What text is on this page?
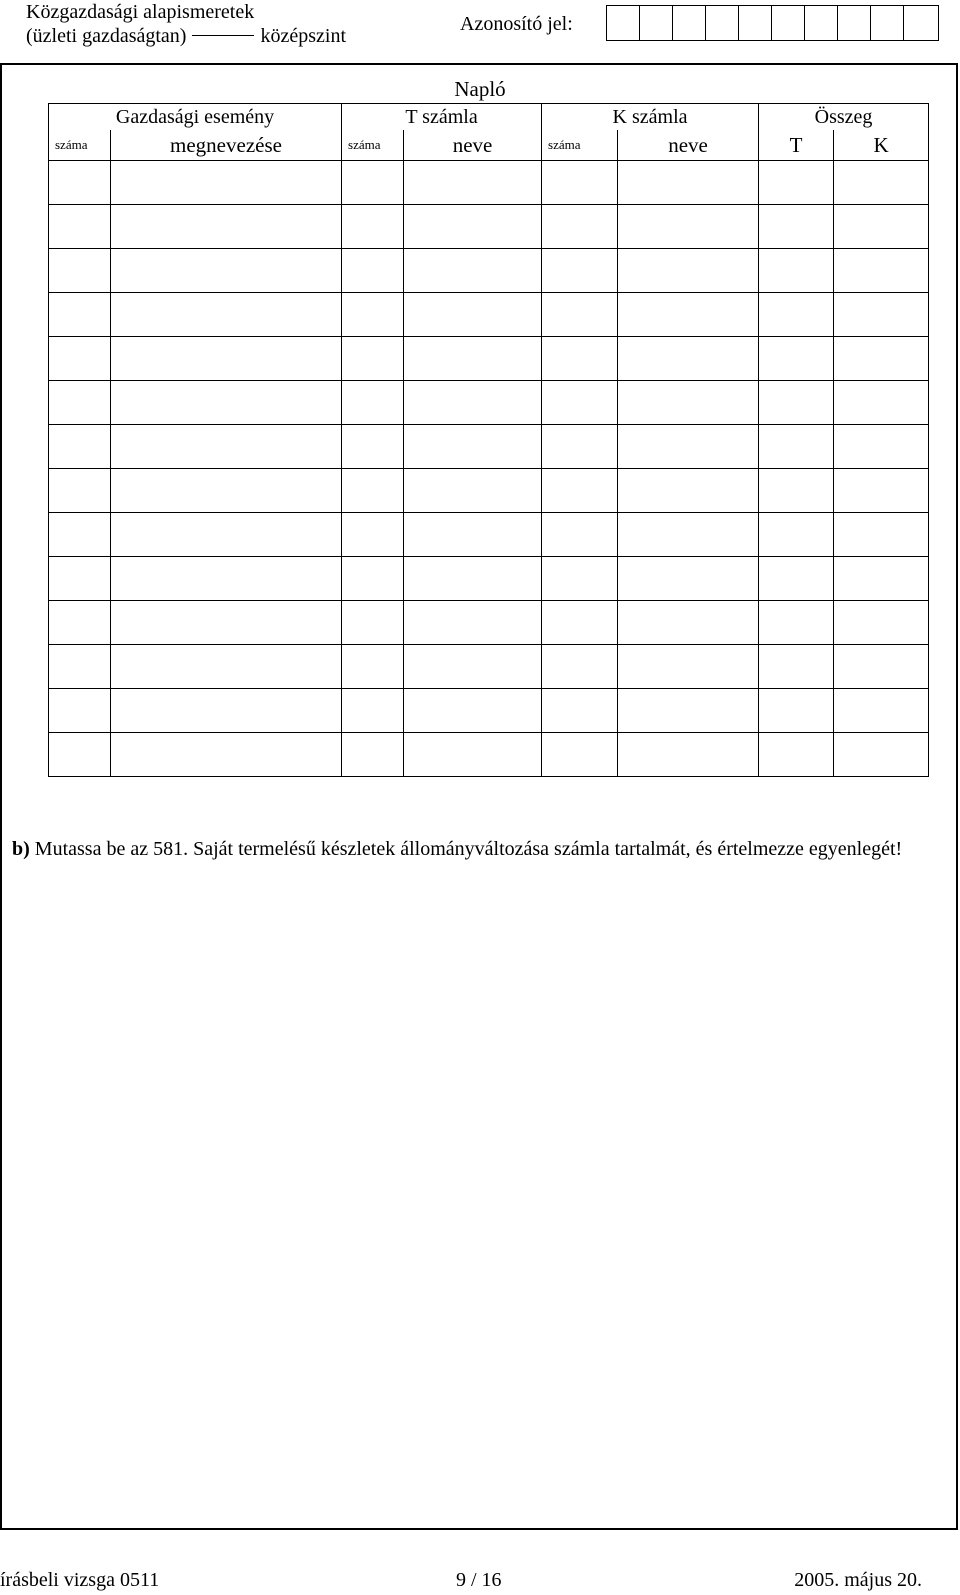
Közgazdasági alapismeretek
(üzleti gazdaságtan)	középszint
Azonosító jel:
Napló
Gazdasági esemény		T számla		K számla		Összeg	
száma	megnevezése	száma	neve	száma	neve	T	K

b) Mutassa be az 581. Saját termelésű készletek állományváltozása számla tartalmát, és értelmezze egyenlegét!

írásbeli vizsga 0511	9 / 16	2005. május 20.
